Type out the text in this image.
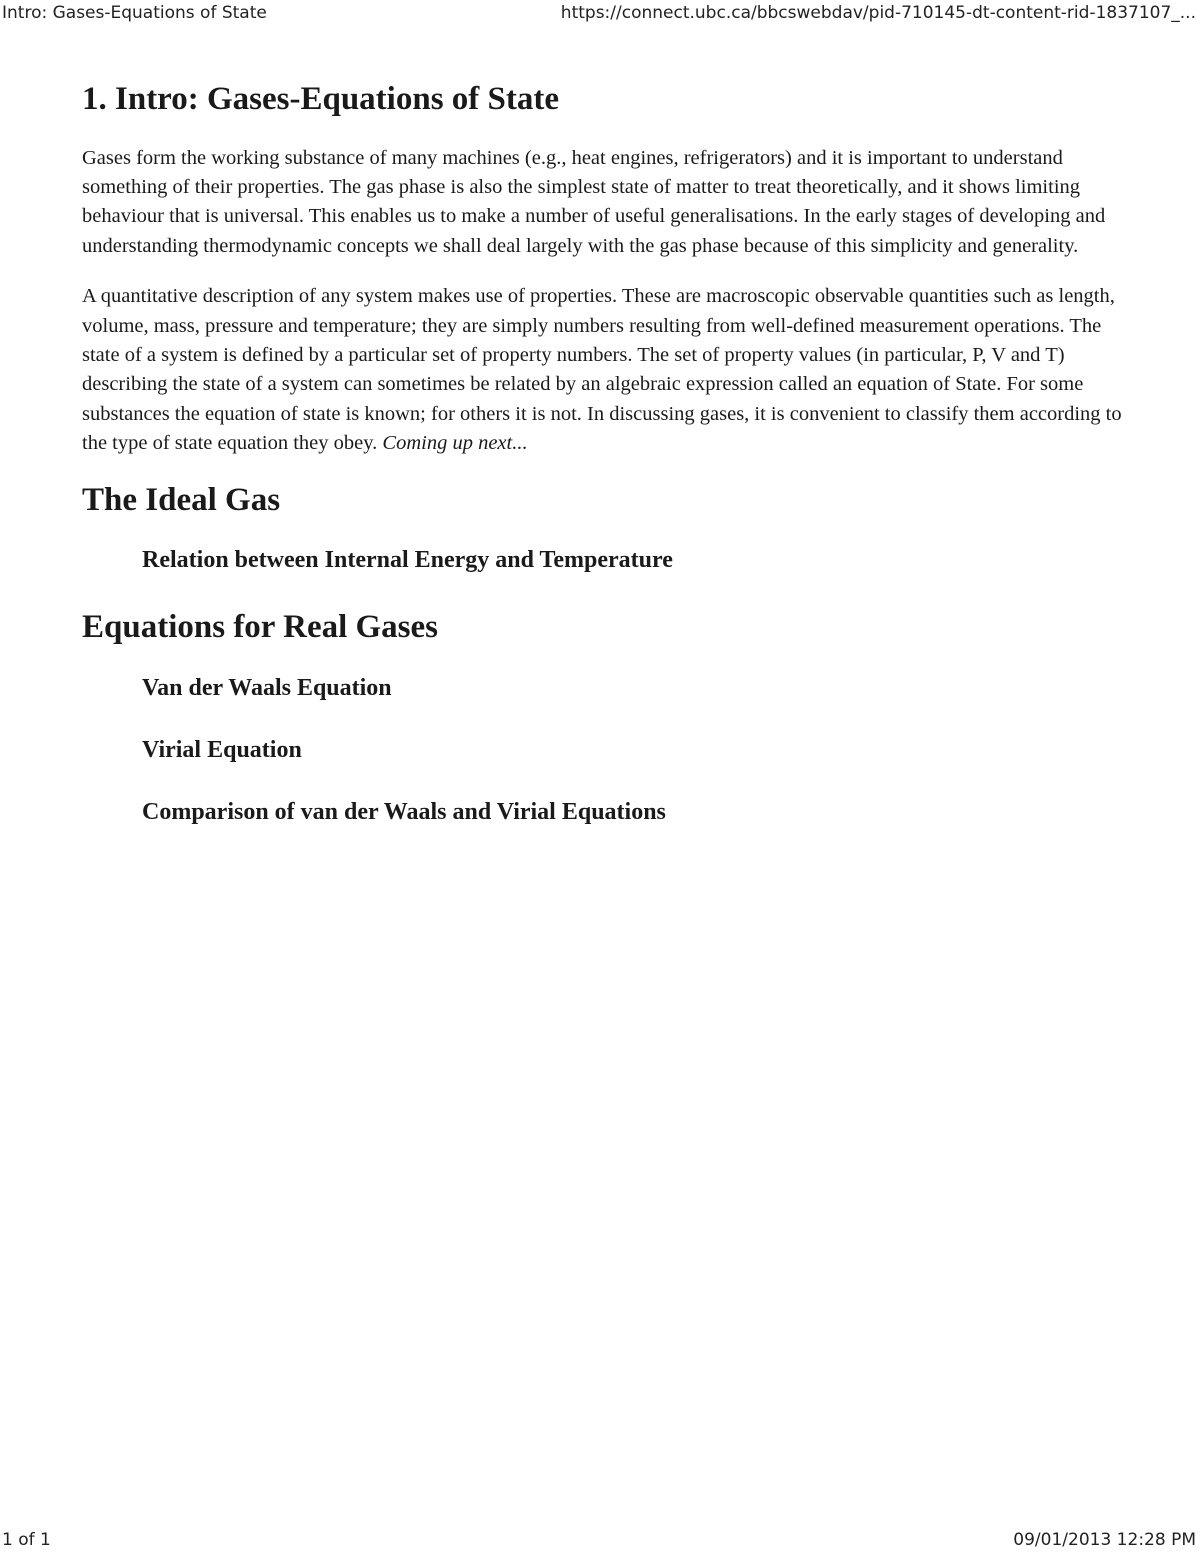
Intro: Gases-Equations of State	https://connect.ubc.ca/bbcswebdav/pid-710145-dt-content-rid-1837107_...
1. Intro: Gases-Equations of State

Gases form the working substance of many machines (e.g., heat engines, refrigerators) and it is important to understand something of their properties. The gas phase is also the simplest state of matter to treat theoretically, and it shows limiting behaviour that is universal. This enables us to make a number of useful generalisations. In the early stages of developing and understanding thermodynamic concepts we shall deal largely with the gas phase because of this simplicity and generality.

A quantitative description of any system makes use of properties. These are macroscopic observable quantities such as length, volume, mass, pressure and temperature; they are simply numbers resulting from well-defined measurement operations. The state of a system is defined by a particular set of property numbers. The set of property values (in particular, P, V and T) describing the state of a system can sometimes be related by an algebraic expression called an equation of State. For some substances the equation of state is known; for others it is not. In discussing gases, it is convenient to classify them according to the type of state equation they obey. Coming up next...

The Ideal Gas
Relation between Internal Energy and Temperature
Equations for Real Gases
Van der Waals Equation
Virial Equation
Comparison of van der Waals and Virial Equations
1 of 1	09/01/2013 12:28 PM
